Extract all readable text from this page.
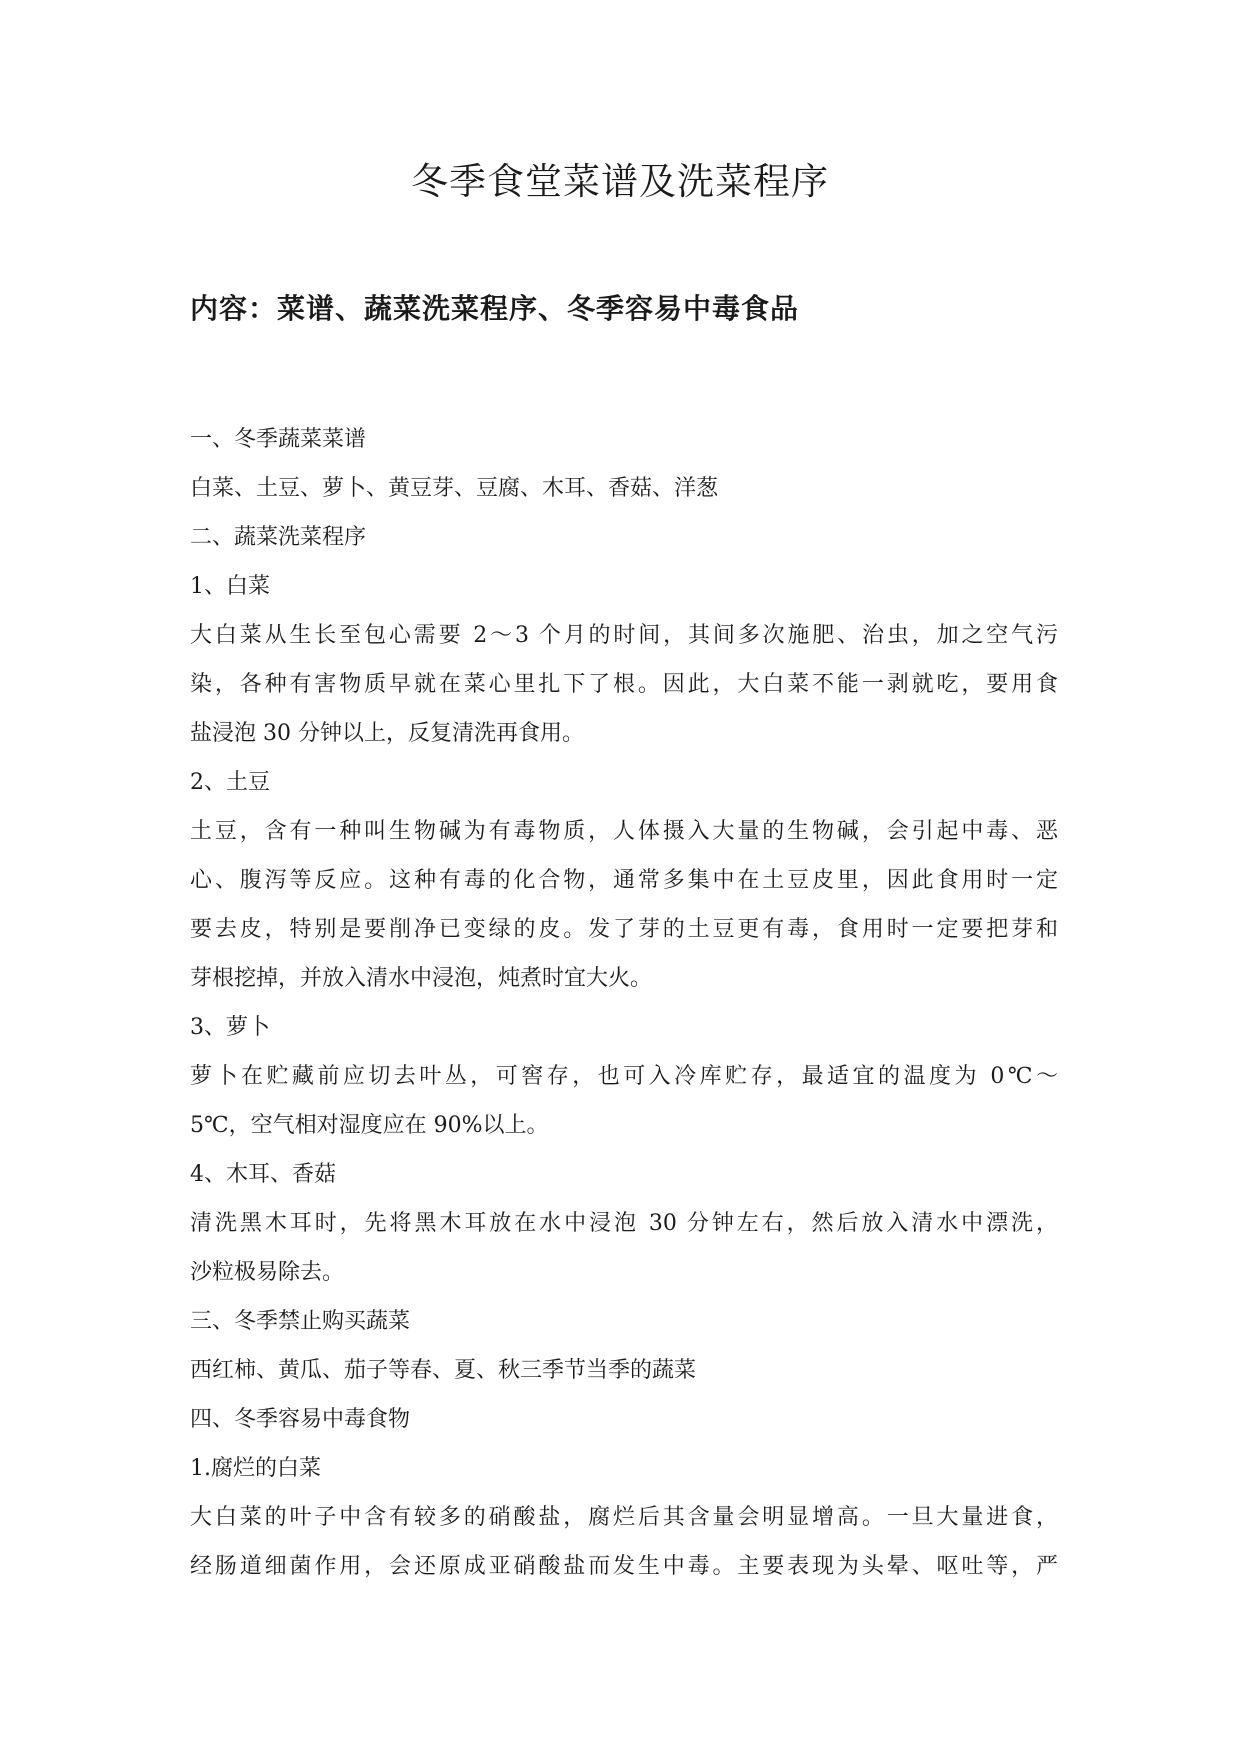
冬季食堂菜谱及洗菜程序
内容：菜谱、蔬菜洗菜程序、冬季容易中毒食品
一、冬季蔬菜菜谱
白菜、土豆、萝卜、黄豆芽、豆腐、木耳、香菇、洋葱
二、蔬菜洗菜程序
1、白菜
大白菜从生长至包心需要 2～3 个月的时间，其间多次施肥、治虫，加之空气污
染，各种有害物质早就在菜心里扎下了根。因此，大白菜不能一剥就吃，要用食
盐浸泡 30 分钟以上，反复清洗再食用。
2、土豆
土豆，含有一种叫生物碱为有毒物质，人体摄入大量的生物碱，会引起中毒、恶
心、腹泻等反应。这种有毒的化合物，通常多集中在土豆皮里，因此食用时一定
要去皮，特别是要削净已变绿的皮。发了芽的土豆更有毒，食用时一定要把芽和
芽根挖掉，并放入清水中浸泡，炖煮时宜大火。
3、萝卜
萝卜在贮藏前应切去叶丛，可窖存，也可入冷库贮存，最适宜的温度为 0℃～
5℃，空气相对湿度应在 90%以上。
4、木耳、香菇
清洗黑木耳时，先将黑木耳放在水中浸泡 30 分钟左右，然后放入清水中漂洗，
沙粒极易除去。
三、冬季禁止购买蔬菜
西红柿、黄瓜、茄子等春、夏、秋三季节当季的蔬菜
四、冬季容易中毒食物
1.腐烂的白菜
大白菜的叶子中含有较多的硝酸盐，腐烂后其含量会明显增高。一旦大量进食，
经肠道细菌作用，会还原成亚硝酸盐而发生中毒。主要表现为头晕、呕吐等，严
